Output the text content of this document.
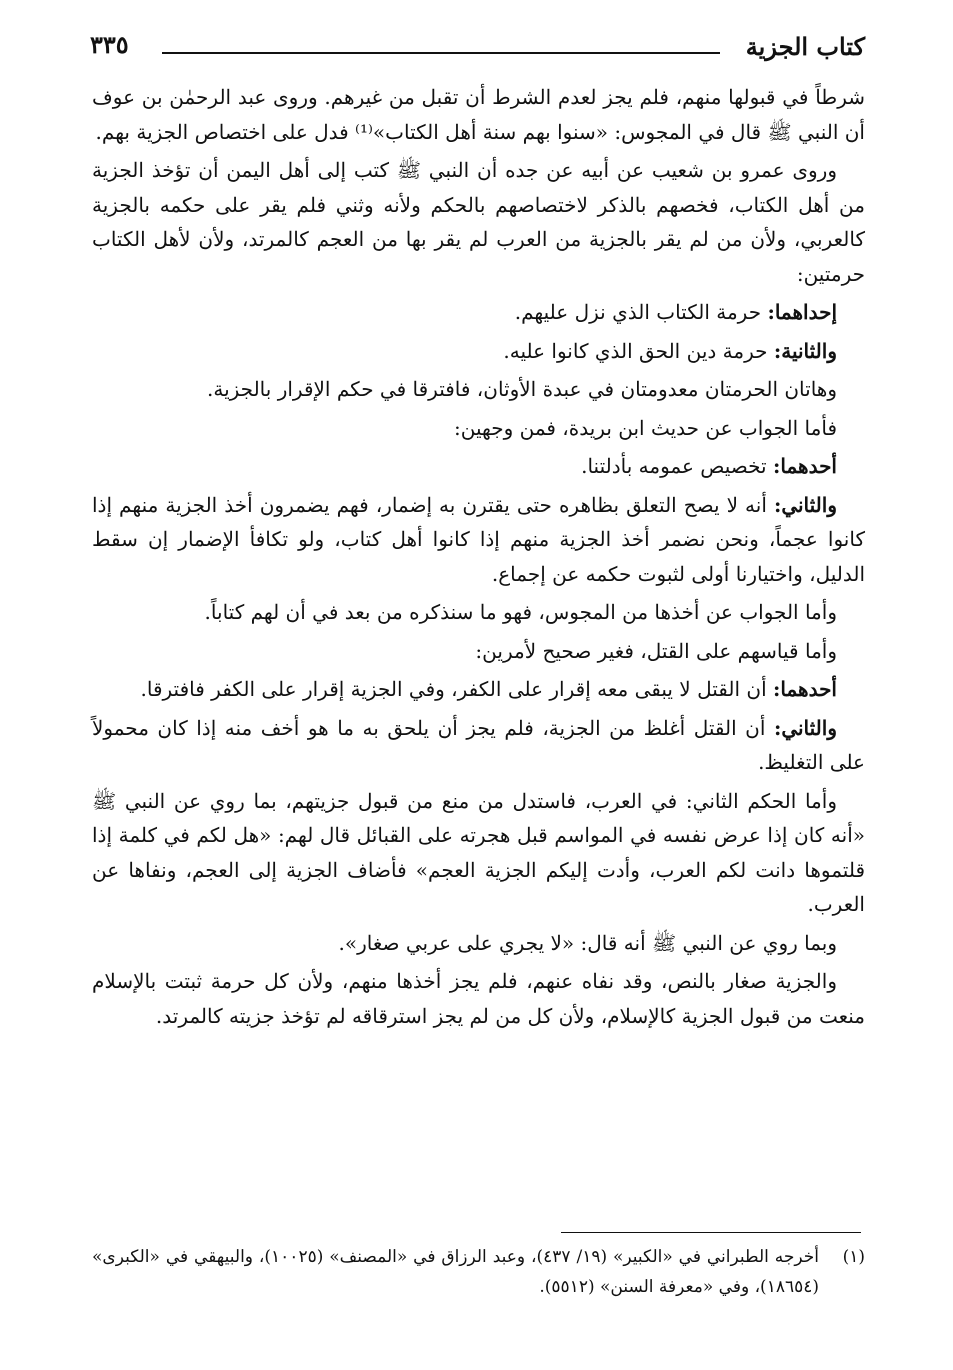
كتاب الجزية
٣٣٥

شرطاً في قبولها منهم، فلم يجز لعدم الشرط أن تقبل من غيرهم. وروى عبد الرحمٰن بن عوف أن النبي ﷺ قال في المجوس: «سنوا بهم سنة أهل الكتاب»⁽¹⁾ فدل على اختصاص الجزية بهم.

وروى عمرو بن شعيب عن أبيه عن جده أن النبي ﷺ كتب إلى أهل اليمن أن تؤخذ الجزية من أهل الكتاب، فخصهم بالذكر لاختصاصهم بالحكم ولأنه وثني فلم يقر على حكمه بالجزية كالعربي، ولأن من لم يقر بالجزية من العرب لم يقر بها من العجم كالمرتد، ولأن لأهل الكتاب حرمتين:

إحداهما: حرمة الكتاب الذي نزل عليهم.

والثانية: حرمة دين الحق الذي كانوا عليه.

وهاتان الحرمتان معدومتان في عبدة الأوثان، فافترقا في حكم الإقرار بالجزية.

فأما الجواب عن حديث ابن بريدة، فمن وجهين:

أحدهما: تخصيص عمومه بأدلتنا.

والثاني: أنه لا يصح التعلق بظاهره حتى يقترن به إضمار، فهم يضمرون أخذ الجزية منهم إذا كانوا عجماً، ونحن نضمر أخذ الجزية منهم إذا كانوا أهل كتاب، ولو تكافأ الإضمار إن سقط الدليل، واختيارنا أولى لثبوت حكمه عن إجماع.

وأما الجواب عن أخذها من المجوس، فهو ما سنذكره من بعد في أن لهم كتاباً.

وأما قياسهم على القتل، فغير صحيح لأمرين:

أحدهما: أن القتل لا يبقى معه إقرار على الكفر، وفي الجزية إقرار على الكفر فافترقا.

والثاني: أن القتل أغلظ من الجزية، فلم يجز أن يلحق به ما هو أخف منه إذا كان محمولاً على التغليظ.

وأما الحكم الثاني: في العرب، فاستدل من منع من قبول جزيتهم، بما روي عن النبي ﷺ «أنه كان إذا عرض نفسه في المواسم قبل هجرته على القبائل قال لهم: «هل لكم في كلمة إذا قلتموها دانت لكم العرب، وأدت إليكم الجزية العجم» فأضاف الجزية إلى العجم، ونفاها عن العرب.

وبما روي عن النبي ﷺ أنه قال: «لا يجري على عربي صغار».

والجزية صغار بالنص، وقد نفاه عنهم، فلم يجز أخذها منهم، ولأن كل حرمة ثبتت بالإسلام منعت من قبول الجزية كالإسلام، ولأن كل من لم يجز استرقاقه لم تؤخذ جزيته كالمرتد.

(١)
أخرجه الطبراني في «الكبير» (١٩/ ٤٣٧)، وعبد الرزاق في «المصنف» (١٠٠٢٥)، والبيهقي في «الكبرى» (١٨٦٥٤)، وفي «معرفة السنن» (٥٥١٢).
